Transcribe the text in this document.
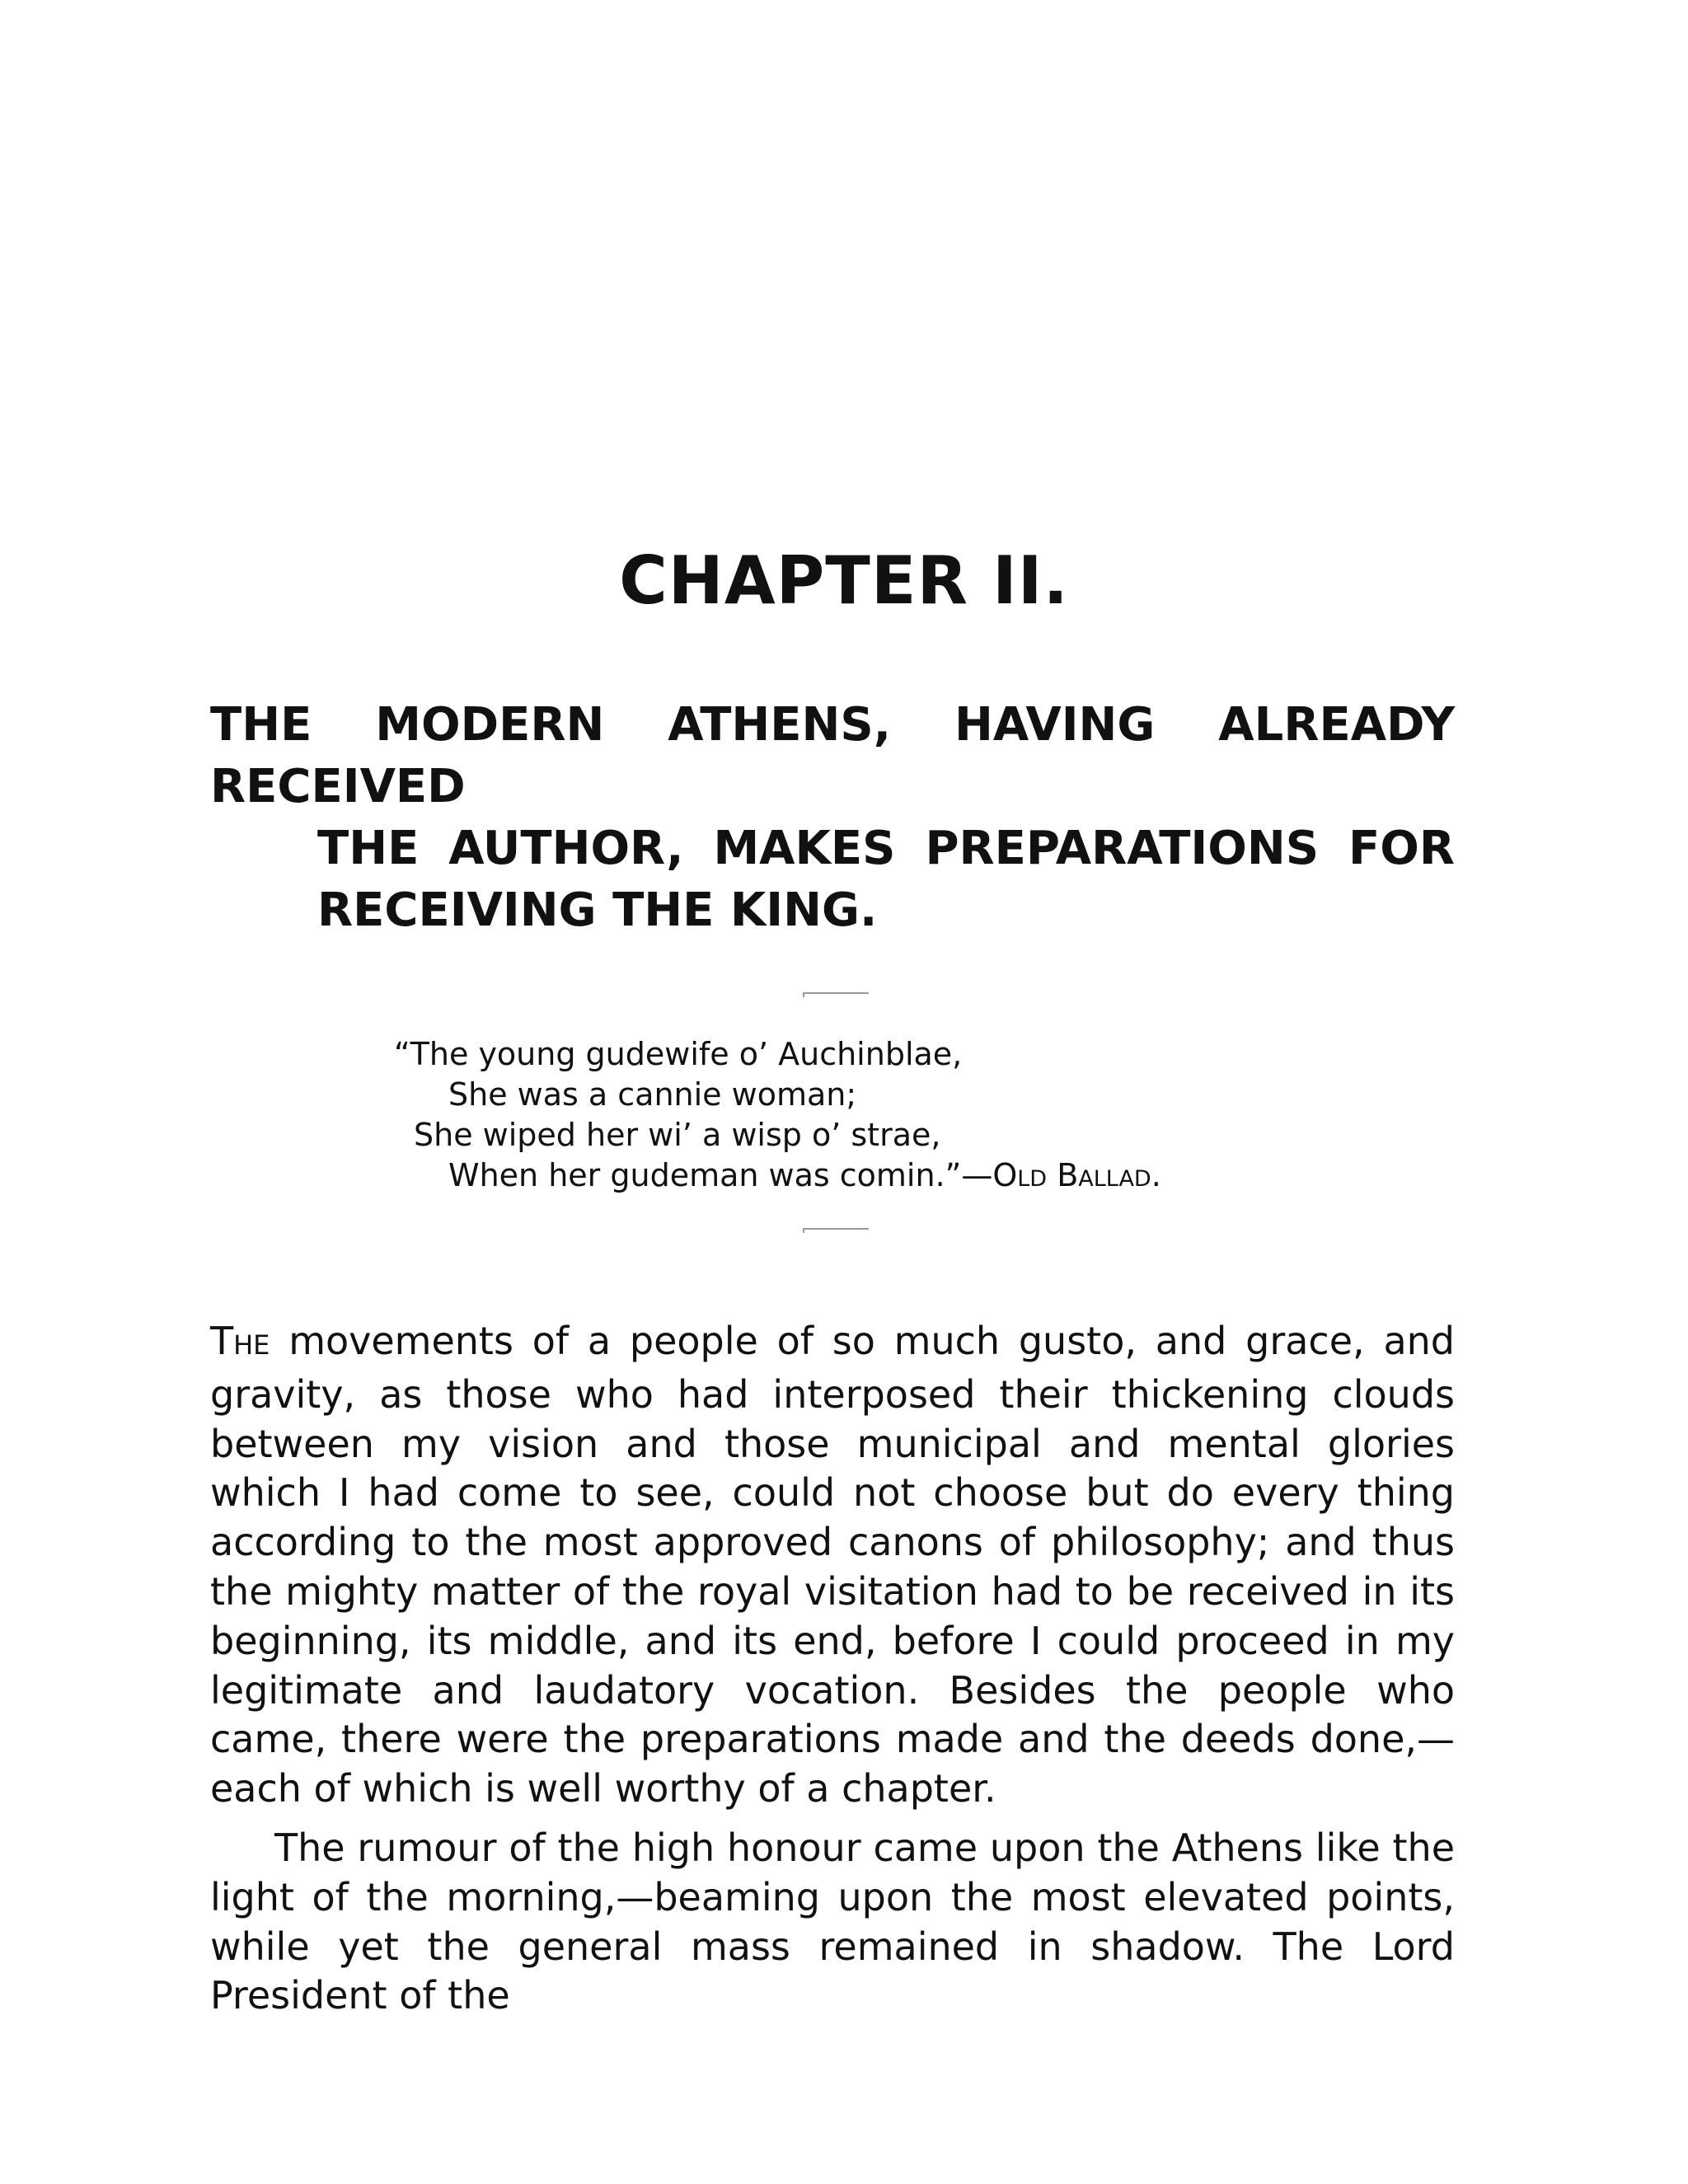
CHAPTER II.
THE MODERN ATHENS, HAVING ALREADY RECEIVED
THE AUTHOR, MAKES PREPARATIONS FOR
RECEIVING THE KING.
“The young gudewife o’ Auchinblae,
She was a cannie woman;
She wiped her wi’ a wisp o’ strae,
When her gudeman was comin.”—OLD BALLAD.

THE movements of a people of so much gusto, and grace, and gravity, as those who had interposed their thickening clouds between my vision and those municipal and mental glories which I had come to see, could not choose but do every thing according to the most approved canons of philosophy; and thus the mighty matter of the royal visitation had to be received in its beginning, its middle, and its end, before I could proceed in my legitimate and laudatory vocation. Besides the people who came, there were the preparations made and the deeds done,—each of which is well worthy of a chapter.

The rumour of the high honour came upon the Athens like the light of the morning,—beaming upon the most elevated points, while yet the general mass remained in shadow. The Lord President of the
